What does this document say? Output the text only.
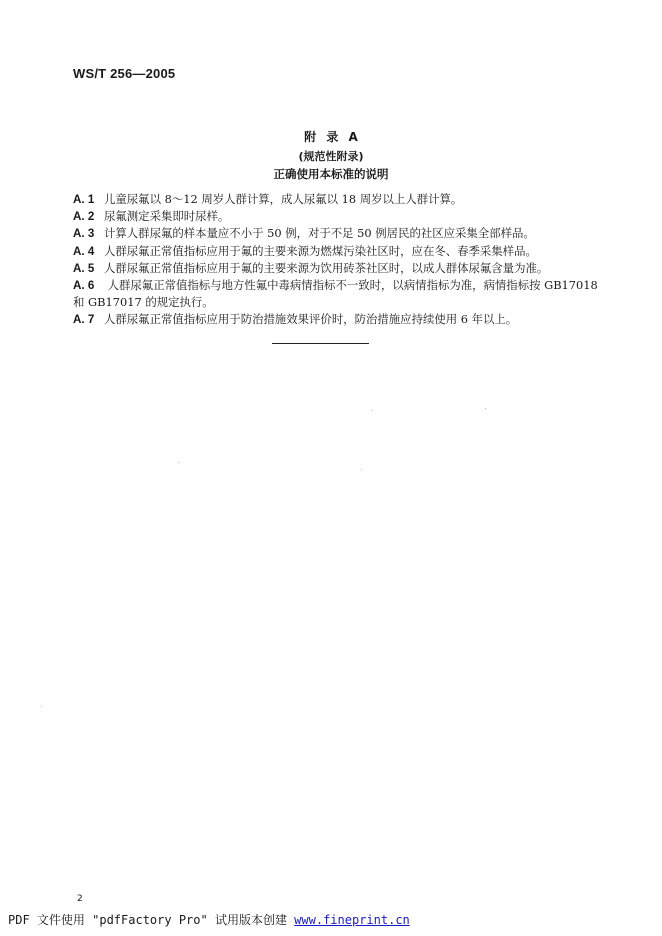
WS/T 256—2005
附 录 A
(规范性附录)
正确使用本标准的说明

A. 1 儿童尿氟以 8～12 周岁人群计算，成人尿氟以 18 周岁以上人群计算。

A. 2 尿氟测定采集即时尿样。

A. 3 计算人群尿氟的样本量应不小于 50 例，对于不足 50 例居民的社区应采集全部样品。

A. 4 人群尿氟正常值指标应用于氟的主要来源为燃煤污染社区时，应在冬、春季采集样品。

A. 5 人群尿氟正常值指标应用于氟的主要来源为饮用砖茶社区时，以成人群体尿氟含量为准。

A. 6 人群尿氟正常值指标与地方性氟中毒病情指标不一致时，以病情指标为准，病情指标按 GB17018 和 GB17017 的规定执行。

A. 7 人群尿氟正常值指标应用于防治措施效果评价时，防治措施应持续使用 6 年以上。

2
PDF 文件使用 "pdfFactory Pro" 试用版本创建 www.fineprint.cn
